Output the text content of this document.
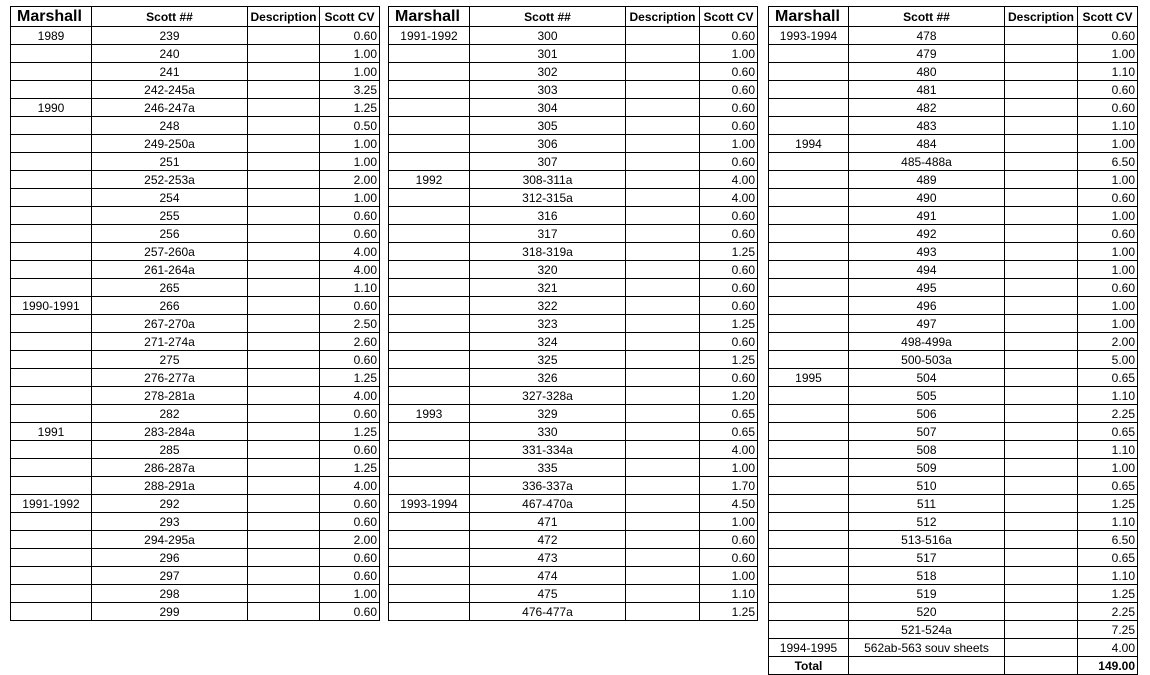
Marshall	Scott ##	Description	Scott CV
1989	239		0.60
	240		1.00
	241		1.00
	242-245a		3.25
1990	246-247a		1.25
	248		0.50
	249-250a		1.00
	251		1.00
	252-253a		2.00
	254		1.00
	255		0.60
	256		0.60
	257-260a		4.00
	261-264a		4.00
	265		1.10
1990-1991	266		0.60
	267-270a		2.50
	271-274a		2.60
	275		0.60
	276-277a		1.25
	278-281a		4.00
	282		0.60
1991	283-284a		1.25
	285		0.60
	286-287a		1.25
	288-291a		4.00
1991-1992	292		0.60
	293		0.60
	294-295a		2.00
	296		0.60
	297		0.60
	298		1.00
	299		0.60
Marshall	Scott ##	Description	Scott CV
1991-1992	300		0.60
	301		1.00
	302		0.60
	303		0.60
	304		0.60
	305		0.60
	306		1.00
	307		0.60
1992	308-311a		4.00
	312-315a		4.00
	316		0.60
	317		0.60
	318-319a		1.25
	320		0.60
	321		0.60
	322		0.60
	323		1.25
	324		0.60
	325		1.25
	326		0.60
	327-328a		1.20
1993	329		0.65
	330		0.65
	331-334a		4.00
	335		1.00
	336-337a		1.70
1993-1994	467-470a		4.50
	471		1.00
	472		0.60
	473		0.60
	474		1.00
	475		1.10
	476-477a		1.25
Marshall	Scott ##	Description	Scott CV
1993-1994	478		0.60
	479		1.00
	480		1.10
	481		0.60
	482		0.60
	483		1.10
1994	484		1.00
	485-488a		6.50
	489		1.00
	490		0.60
	491		1.00
	492		0.60
	493		1.00
	494		1.00
	495		0.60
	496		1.00
	497		1.00
	498-499a		2.00
	500-503a		5.00
1995	504		0.65
	505		1.10
	506		2.25
	507		0.65
	508		1.10
	509		1.00
	510		0.65
	511		1.25
	512		1.10
	513-516a		6.50
	517		0.65
	518		1.10
	519		1.25
	520		2.25
	521-524a		7.25
1994-1995	562ab-563 souv sheets		4.00
Total			149.00
